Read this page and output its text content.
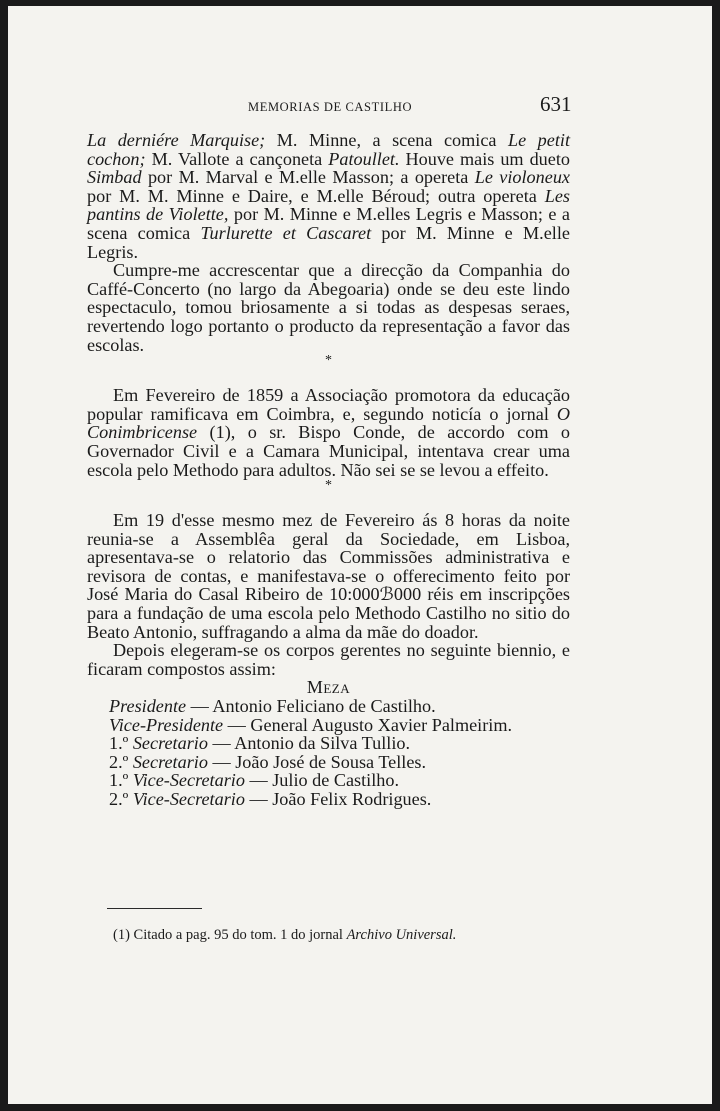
MEMORIAS DE CASTILHO	631

La derniére Marquise; M. Minne, a scena comica Le petit cochon; M. Vallote a cançoneta Patoullet. Houve mais um dueto Simbad por M. Marval e M.elle Masson; a opereta Le violoneux por M. M. Minne e Daire, e M.elle Béroud; outra opereta Les pantins de Violette, por M. Minne e M.elles Legris e Masson; e a scena comica Turlurette et Cascaret por M. Minne e M.elle Legris.

Cumpre-me accrescentar que a direcção da Companhia do Caffé-Concerto (no largo da Abegoaria) onde se deu este lindo espectaculo, tomou briosamente a si todas as despesas seraes, revertendo logo portanto o producto da representação a favor das escolas.

*

Em Fevereiro de 1859 a Associação promotora da educação popular ramificava em Coimbra, e, segundo noticía o jornal O Conimbricense (1), o sr. Bispo Conde, de accordo com o Governador Civil e a Camara Municipal, intentava crear uma escola pelo Methodo para adultos. Não sei se se levou a effeito.

*

Em 19 d'esse mesmo mez de Fevereiro ás 8 horas da noite reunia-se a Assemblêa geral da Sociedade, em Lisboa, apresentava-se o relatorio das Commissões administrativa e revisora de contas, e manifestava-se o offerecimento feito por José Maria do Casal Ribeiro de 10:000ℬ000 réis em inscripções para a fundação de uma escola pelo Methodo Castilho no sitio do Beato Antonio, suffragando a alma da mãe do doador.

Depois elegeram-se os corpos gerentes no seguinte biennio, e ficaram compostos assim:

Meza

Presidente — Antonio Feliciano de Castilho.
Vice-Presidente — General Augusto Xavier Palmeirim.
1.º Secretario — Antonio da Silva Tullio.
2.º Secretario — João José de Sousa Telles.
1.º Vice-Secretario — Julio de Castilho.
2.º Vice-Secretario — João Felix Rodrigues.
(1) Citado a pag. 95 do tom. 1 do jornal Archivo Universal.
